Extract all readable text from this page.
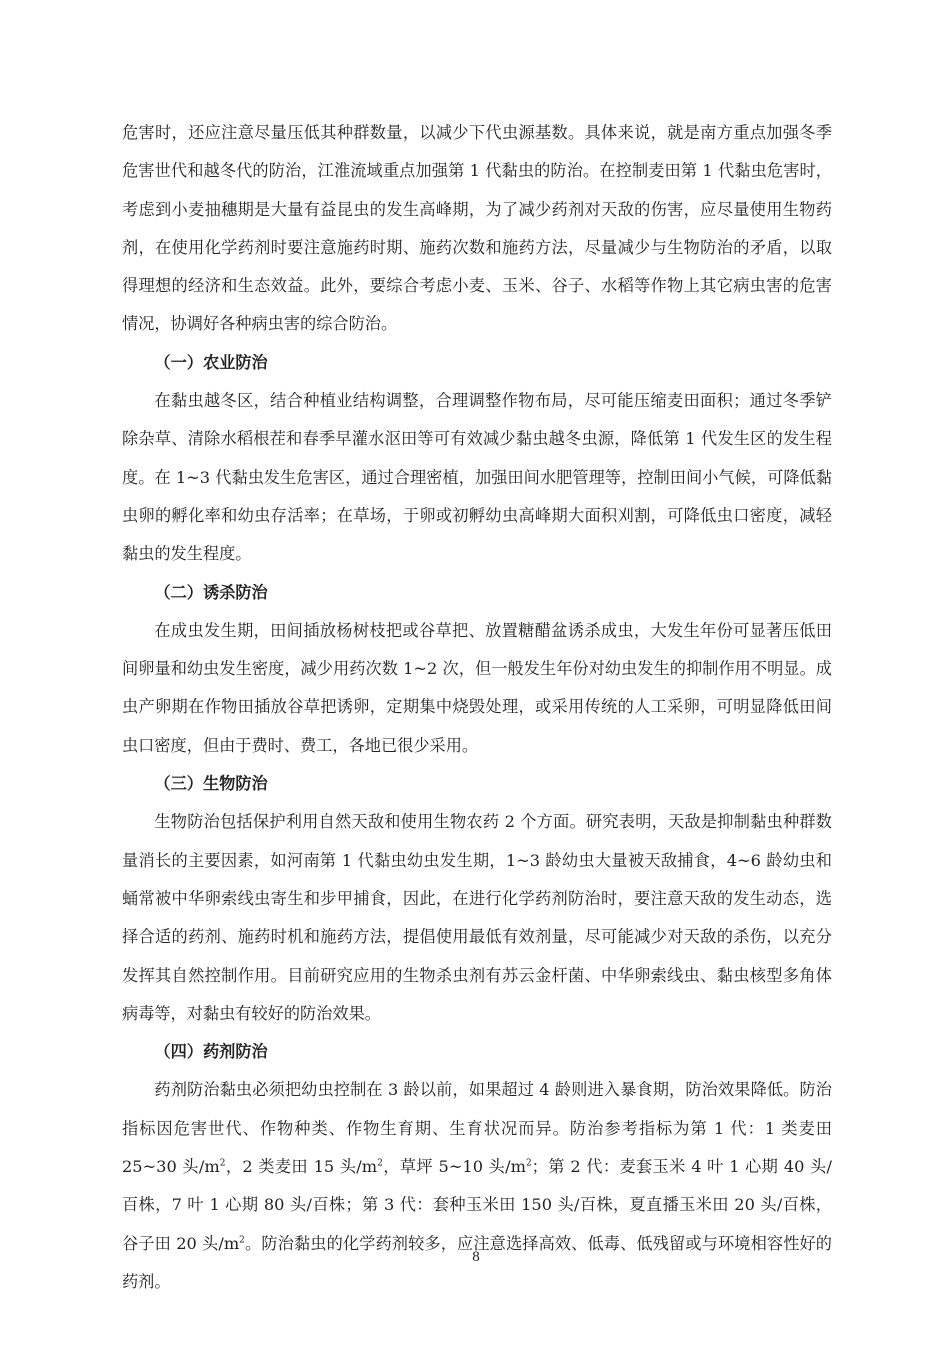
危害时，还应注意尽量压低其种群数量，以减少下代虫源基数。具体来说，就是南方重点加强冬季危害世代和越冬代的防治，江淮流域重点加强第 1 代黏虫的防治。在控制麦田第 1 代黏虫危害时，考虑到小麦抽穗期是大量有益昆虫的发生高峰期，为了减少药剂对天敌的伤害，应尽量使用生物药剂，在使用化学药剂时要注意施药时期、施药次数和施药方法，尽量减少与生物防治的矛盾，以取得理想的经济和生态效益。此外，要综合考虑小麦、玉米、谷子、水稻等作物上其它病虫害的危害情况，协调好各种病虫害的综合防治。

（一）农业防治

在黏虫越冬区，结合种植业结构调整，合理调整作物布局，尽可能压缩麦田面积；通过冬季铲除杂草、清除水稻根茬和春季早灌水沤田等可有效减少黏虫越冬虫源，降低第 1 代发生区的发生程度。在 1~3 代黏虫发生危害区，通过合理密植，加强田间水肥管理等，控制田间小气候，可降低黏虫卵的孵化率和幼虫存活率；在草场，于卵或初孵幼虫高峰期大面积刈割，可降低虫口密度，减轻黏虫的发生程度。

（二）诱杀防治

在成虫发生期，田间插放杨树枝把或谷草把、放置糖醋盆诱杀成虫，大发生年份可显著压低田间卵量和幼虫发生密度，减少用药次数 1~2 次，但一般发生年份对幼虫发生的抑制作用不明显。成虫产卵期在作物田插放谷草把诱卵，定期集中烧毁处理，或采用传统的人工采卵，可明显降低田间虫口密度，但由于费时、费工，各地已很少采用。

（三）生物防治

生物防治包括保护利用自然天敌和使用生物农药 2 个方面。研究表明，天敌是抑制黏虫种群数量消长的主要因素，如河南第 1 代黏虫幼虫发生期，1~3 龄幼虫大量被天敌捕食，4~6 龄幼虫和蛹常被中华卵索线虫寄生和步甲捕食，因此，在进行化学药剂防治时，要注意天敌的发生动态，选择合适的药剂、施药时机和施药方法，提倡使用最低有效剂量，尽可能减少对天敌的杀伤，以充分发挥其自然控制作用。目前研究应用的生物杀虫剂有苏云金杆菌、中华卵索线虫、黏虫核型多角体病毒等，对黏虫有较好的防治效果。

（四）药剂防治

药剂防治黏虫必须把幼虫控制在 3 龄以前，如果超过 4 龄则进入暴食期，防治效果降低。防治指标因危害世代、作物种类、作物生育期、生育状况而异。防治参考指标为第 1 代：1 类麦田 25~30 头$/m^2$，2 类麦田 15 头$/m^2$，草坪 5~10 头$/m^2$；第 2 代：麦套玉米 4 叶 1 心期 40 头/百株，7 叶 1 心期 80 头/百株；第 3 代：套种玉米田 150 头/百株，夏直播玉米田 20 头/百株，谷子田 20 头$/m^2$。防治黏虫的化学药剂较多，应注意选择高效、低毒、低残留或与环境相容性好的药剂。

8
